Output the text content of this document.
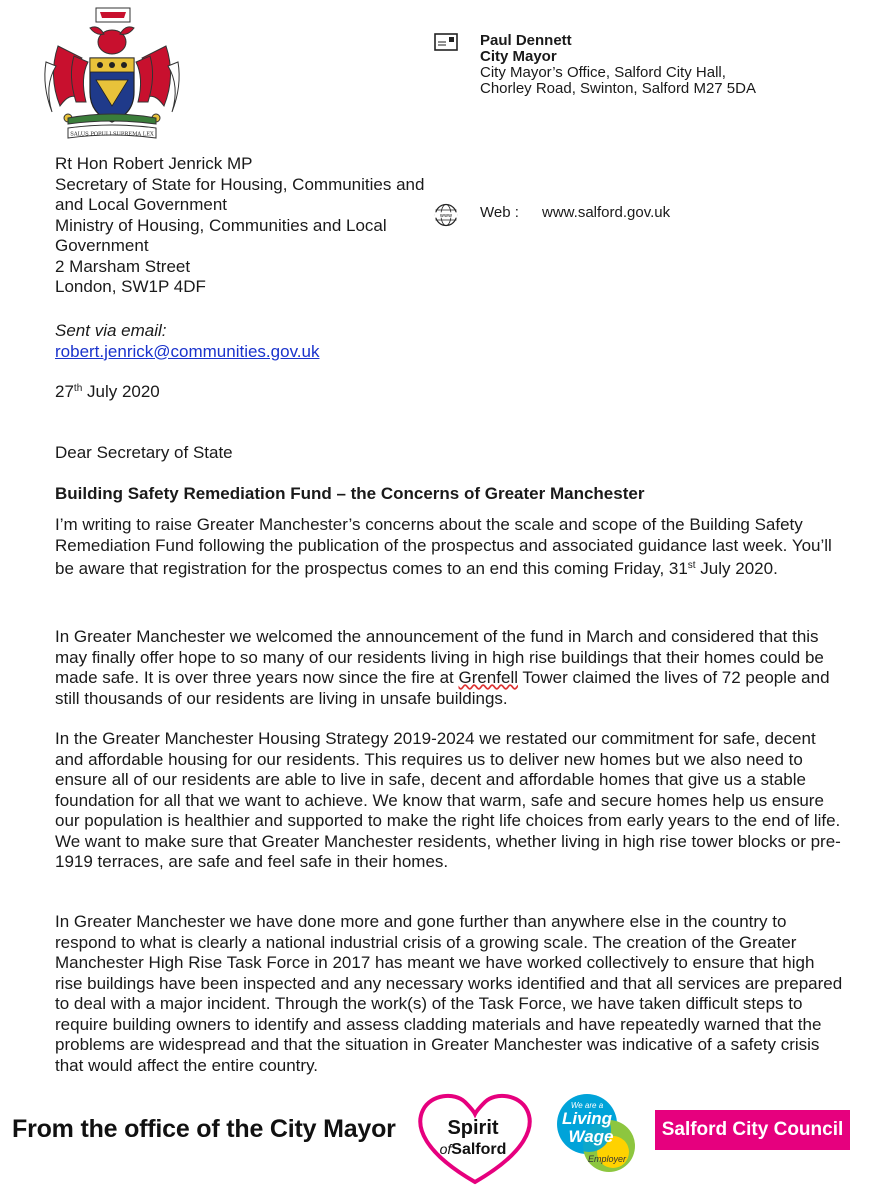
SALUS POPULI SUPREMA LEX
Paul Dennett
City Mayor
City Mayor’s Office, Salford City Hall,
Chorley Road, Swinton, Salford M27 5DA
www Web : www.salford.gov.uk
Rt Hon Robert Jenrick MP
Secretary of State for Housing, Communities and
and Local Government
Ministry of Housing, Communities and Local
Government
2 Marsham Street
London, SW1P 4DF
Sent via email:
robert.jenrick@communities.gov.uk
27th July 2020
Dear Secretary of State
Building Safety Remediation Fund – the Concerns of Greater Manchester
I’m writing to raise Greater Manchester’s concerns about the scale and scope of the Building Safety Remediation Fund following the publication of the prospectus and associated guidance last week. You’ll be aware that registration for the prospectus comes to an end this coming Friday, 31st July 2020.
In Greater Manchester we welcomed the announcement of the fund in March and considered that this may finally offer hope to so many of our residents living in high rise buildings that their homes could be made safe. It is over three years now since the fire at Grenfell Tower claimed the lives of 72 people and still thousands of our residents are living in unsafe buildings.
In the Greater Manchester Housing Strategy 2019-2024 we restated our commitment for safe, decent and affordable housing for our residents. This requires us to deliver new homes but we also need to ensure all of our residents are able to live in safe, decent and affordable homes that give us a stable foundation for all that we want to achieve. We know that warm, safe and secure homes help us ensure our population is healthier and supported to make the right life choices from early years to the end of life. We want to make sure that Greater Manchester residents, whether living in high rise tower blocks or pre-1919 terraces, are safe and feel safe in their homes.
In Greater Manchester we have done more and gone further than anywhere else in the country to respond to what is clearly a national industrial crisis of a growing scale. The creation of the Greater Manchester High Rise Task Force in 2017 has meant we have worked collectively to ensure that high rise buildings have been inspected and any necessary works identified and that all services are prepared to deal with a major incident. Through the work(s) of the Task Force, we have taken difficult steps to require building owners to identify and assess cladding materials and have repeatedly warned that the problems are widespread and that the situation in Greater Manchester was indicative of a safety crisis that would affect the entire country.
From the office of the City Mayor	Spirit
ofSalford
We are a
Living
Wage
Employer
Salford City Council
